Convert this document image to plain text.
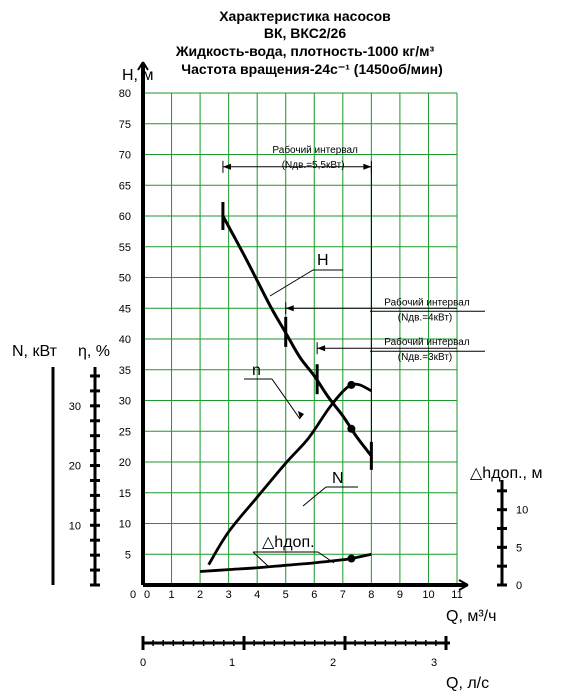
Характеристика насосов
ВК, ВКС2/26
Жидкость-вода, плотность-1000 кг/м³
Частота вращения-24с⁻¹ (1450об/мин)
5
10
15
20
25
30
35
40
45
50
55
60
65
70
75
80
0 0 1 2 3 4 5 6 7 8 9 10 11
0	1	2	3
10
20
30
0
5
10
Рабочий интервал
(Nдв.=5,5кВт)
Рабочий интервал
(Nдв.=4кВт)
Рабочий интервал
(Nдв.=3кВт)
H
n
N
△hдоп.
H, м
N, кВт η, %
△hдоп., м
Q, м³/ч
Q, л/с
